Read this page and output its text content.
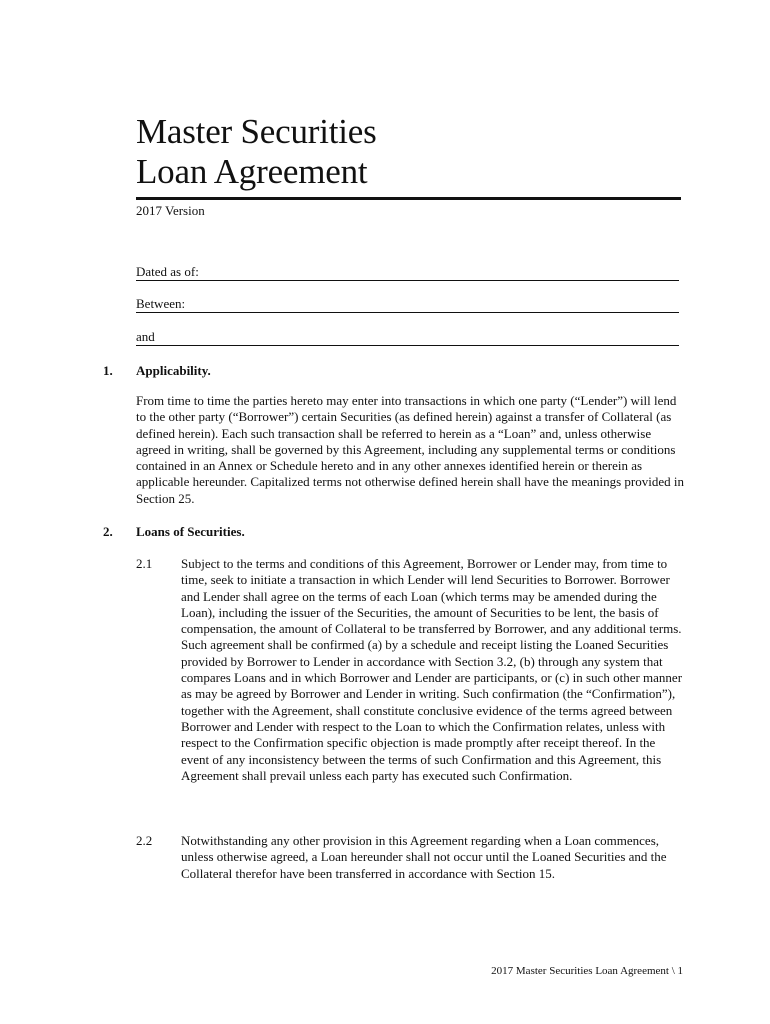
Master Securities
Loan Agreement
2017 Version
Dated as of:
Between:
and
1. Applicability.

From time to time the parties hereto may enter into transactions in which one party (“Lender”) will lend to the other party (“Borrower”) certain Securities (as defined herein) against a transfer of Collateral (as defined herein). Each such transaction shall be referred to herein as a “Loan” and, unless otherwise agreed in writing, shall be governed by this Agreement, including any supplemental terms or conditions contained in an Annex or Schedule hereto and in any other annexes identified herein or therein as applicable hereunder. Capitalized terms not otherwise defined herein shall have the meanings provided in Section 25.

2. Loans of Securities.
2.1 Subject to the terms and conditions of this Agreement, Borrower or Lender may, from time to time, seek to initiate a transaction in which Lender will lend Securities to Borrower. Borrower and Lender shall agree on the terms of each Loan (which terms may be amended during the Loan), including the issuer of the Securities, the amount of Securities to be lent, the basis of compensation, the amount of Collateral to be transferred by Borrower, and any additional terms. Such agreement shall be confirmed (a) by a schedule and receipt listing the Loaned Securities provided by Borrower to Lender in accordance with Section 3.2, (b) through any system that compares Loans and in which Borrower and Lender are participants, or (c) in such other manner as may be agreed by Borrower and Lender in writing. Such confirmation (the “Confirmation”), together with the Agreement, shall constitute conclusive evidence of the terms agreed between Borrower and Lender with respect to the Loan to which the Confirmation relates, unless with respect to the Confirmation specific objection is made promptly after receipt thereof. In the event of any inconsistency between the terms of such Confirmation and this Agreement, this Agreement shall prevail unless each party has executed such Confirmation.

2.2 Notwithstanding any other provision in this Agreement regarding when a Loan commences, unless otherwise agreed, a Loan hereunder shall not occur until the Loaned Securities and the Collateral therefor have been transferred in accordance with Section 15.

2017 Master Securities Loan Agreement \ 1
